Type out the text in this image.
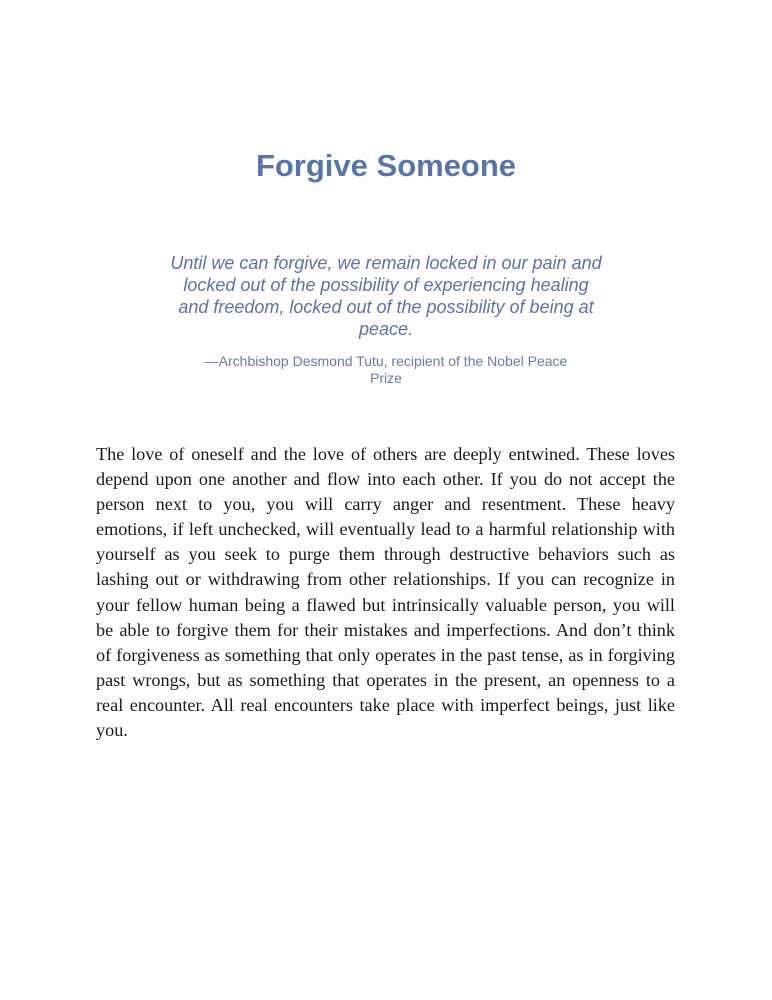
Forgive Someone

Until we can forgive, we remain locked in our pain and locked out of the possibility of experiencing healing and freedom, locked out of the possibility of being at peace.

—Archbishop Desmond Tutu, recipient of the Nobel Peace Prize

The love of oneself and the love of others are deeply entwined. These loves depend upon one another and flow into each other. If you do not accept the person next to you, you will carry anger and resentment. These heavy emotions, if left unchecked, will eventually lead to a harmful relationship with yourself as you seek to purge them through destructive behaviors such as lashing out or withdrawing from other relationships. If you can recognize in your fellow human being a flawed but intrinsically valuable person, you will be able to forgive them for their mistakes and imperfections. And don’t think of forgiveness as something that only operates in the past tense, as in forgiving past wrongs, but as something that operates in the present, an openness to a real encounter. All real encounters take place with imperfect beings, just like you.
